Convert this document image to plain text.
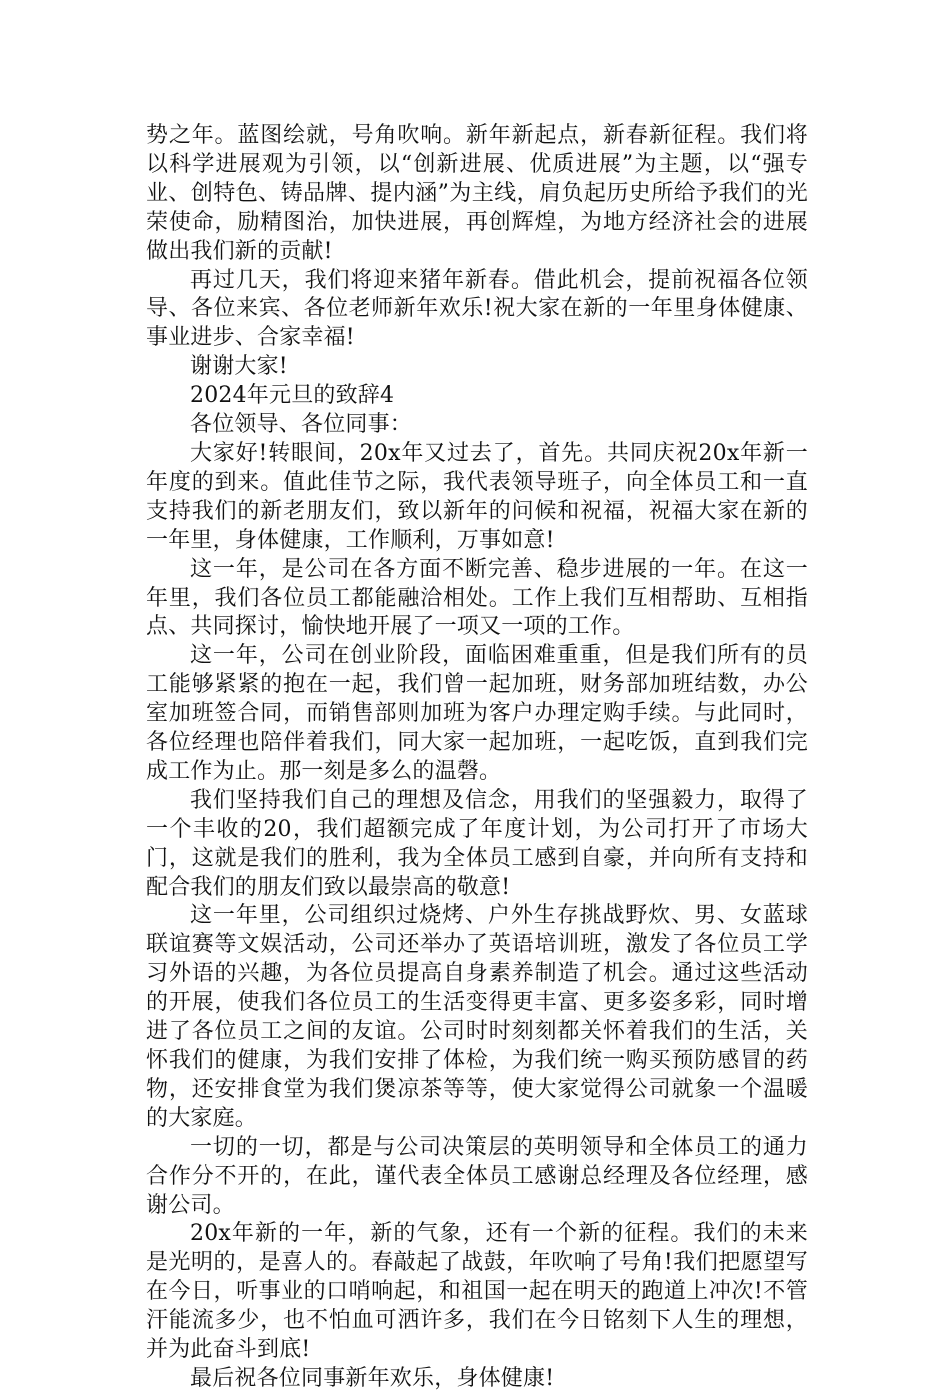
势之年。蓝图绘就，号角吹响。新年新起点，新春新征程。我们将以科学进展观为引领，以“创新进展、优质进展”为主题，以“强专业、创特色、铸品牌、提内涵”为主线，肩负起历史所给予我们的光荣使命，励精图治，加快进展，再创辉煌，为地方经济社会的进展做出我们新的贡献!

再过几天，我们将迎来猪年新春。借此机会，提前祝福各位领导、各位来宾、各位老师新年欢乐!祝大家在新的一年里身体健康、事业进步、合家幸福!

谢谢大家!

2024年元旦的致辞4

各位领导、各位同事：

大家好!转眼间，20x年又过去了，首先。共同庆祝20x年新一年度的到来。值此佳节之际，我代表领导班子，向全体员工和一直支持我们的新老朋友们，致以新年的问候和祝福，祝福大家在新的一年里，身体健康，工作顺利，万事如意!

这一年，是公司在各方面不断完善、稳步进展的一年。在这一年里，我们各位员工都能融洽相处。工作上我们互相帮助、互相指点、共同探讨，愉快地开展了一项又一项的工作。

这一年，公司在创业阶段，面临困难重重，但是我们所有的员工能够紧紧的抱在一起，我们曾一起加班，财务部加班结数，办公室加班签合同，而销售部则加班为客户办理定购手续。与此同时，各位经理也陪伴着我们，同大家一起加班，一起吃饭，直到我们完成工作为止。那一刻是多么的温磬。

我们坚持我们自己的理想及信念，用我们的坚强毅力，取得了一个丰收的20，我们超额完成了年度计划，为公司打开了市场大门，这就是我们的胜利，我为全体员工感到自豪，并向所有支持和配合我们的朋友们致以最崇高的敬意!

这一年里，公司组织过烧烤、户外生存挑战野炊、男、女蓝球联谊赛等文娱活动，公司还举办了英语培训班，激发了各位员工学习外语的兴趣，为各位员提高自身素养制造了机会。通过这些活动的开展，使我们各位员工的生活变得更丰富、更多姿多彩，同时增进了各位员工之间的友谊。公司时时刻刻都关怀着我们的生活，关怀我们的健康，为我们安排了体检，为我们统一购买预防感冒的药物，还安排食堂为我们煲凉茶等等，使大家觉得公司就象一个温暖的大家庭。

一切的一切，都是与公司决策层的英明领导和全体员工的通力合作分不开的，在此，谨代表全体员工感谢总经理及各位经理，感谢公司。

20x年新的一年，新的气象，还有一个新的征程。我们的未来是光明的，是喜人的。春敲起了战鼓，年吹响了号角!我们把愿望写在今日，听事业的口哨响起，和祖国一起在明天的跑道上冲次!不管汗能流多少，也不怕血可洒许多，我们在今日铭刻下人生的理想，并为此奋斗到底!

最后祝各位同事新年欢乐，身体健康!
